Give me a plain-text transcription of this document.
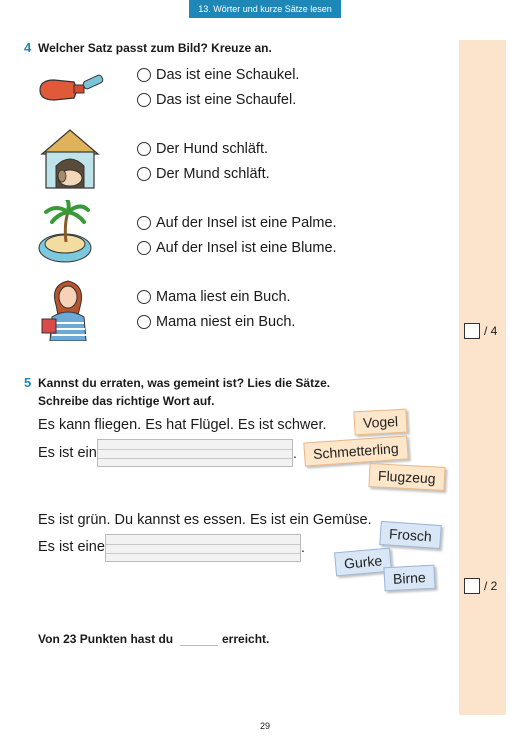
13. Wörter und kurze Sätze lesen
4 Welcher Satz passt zum Bild? Kreuze an.
Das ist eine Schaukel.
Das ist eine Schaufel.
Der Hund schläft.
Der Mund schläft.
Auf der Insel ist eine Palme.
Auf der Insel ist eine Blume.
Mama liest ein Buch.
Mama niest ein Buch.
/ 4
5 Kannst du erraten, was gemeint ist? Lies die Sätze.
Schreibe das richtige Wort auf.
Es kann fliegen. Es hat Flügel. Es ist schwer.
Es ist ein	.
Vogel
Schmetterling
Flugzeug
Es ist grün. Du kannst es essen. Es ist ein Gemüse.
Es ist eine	.
Frosch
Gurke
Birne	/ 2
Von 23 Punkten hast du	erreicht.
29
